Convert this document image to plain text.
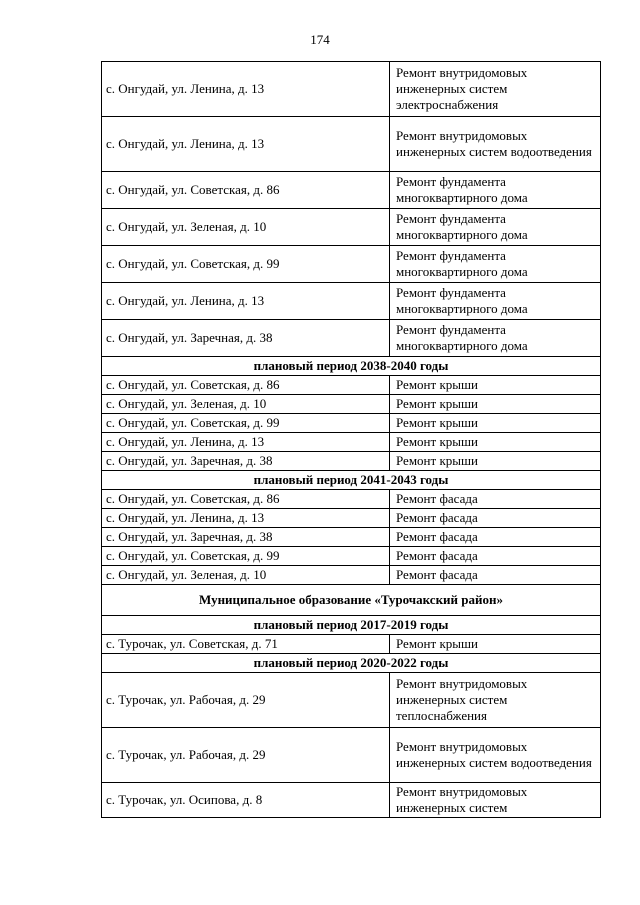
174
с. Онгудай, ул. Ленина, д. 13	Ремонт внутридомовых инженерных систем электроснабжения
с. Онгудай, ул. Ленина, д. 13	Ремонт внутридомовых инженерных систем водоотведения
с. Онгудай, ул. Советская, д. 86	Ремонт фундамента многоквартирного дома
с. Онгудай, ул. Зеленая, д. 10	Ремонт фундамента многоквартирного дома
с. Онгудай, ул. Советская, д. 99	Ремонт фундамента многоквартирного дома
с. Онгудай, ул. Ленина, д. 13	Ремонт фундамента многоквартирного дома
с. Онгудай, ул. Заречная, д. 38	Ремонт фундамента многоквартирного дома
плановый период 2038-2040 годы	
с. Онгудай, ул. Советская, д. 86	Ремонт крыши
с. Онгудай, ул. Зеленая, д. 10	Ремонт крыши
с. Онгудай, ул. Советская, д. 99	Ремонт крыши
с. Онгудай, ул. Ленина, д. 13	Ремонт крыши
с. Онгудай, ул. Заречная, д. 38	Ремонт крыши
плановый период 2041-2043 годы	
с. Онгудай, ул. Советская, д. 86	Ремонт фасада
с. Онгудай, ул. Ленина, д. 13	Ремонт фасада
с. Онгудай, ул. Заречная, д. 38	Ремонт фасада
с. Онгудай, ул. Советская, д. 99	Ремонт фасада
с. Онгудай, ул. Зеленая, д. 10	Ремонт фасада
Муниципальное образование «Турочакский район»	
плановый период 2017-2019 годы	
с. Турочак, ул. Советская, д. 71	Ремонт крыши
плановый период 2020-2022 годы	
с. Турочак, ул. Рабочая, д. 29	Ремонт внутридомовых инженерных систем теплоснабжения
с. Турочак, ул. Рабочая, д. 29	Ремонт внутридомовых инженерных систем водоотведения
с. Турочак, ул. Осипова, д. 8	Ремонт внутридомовых инженерных систем
